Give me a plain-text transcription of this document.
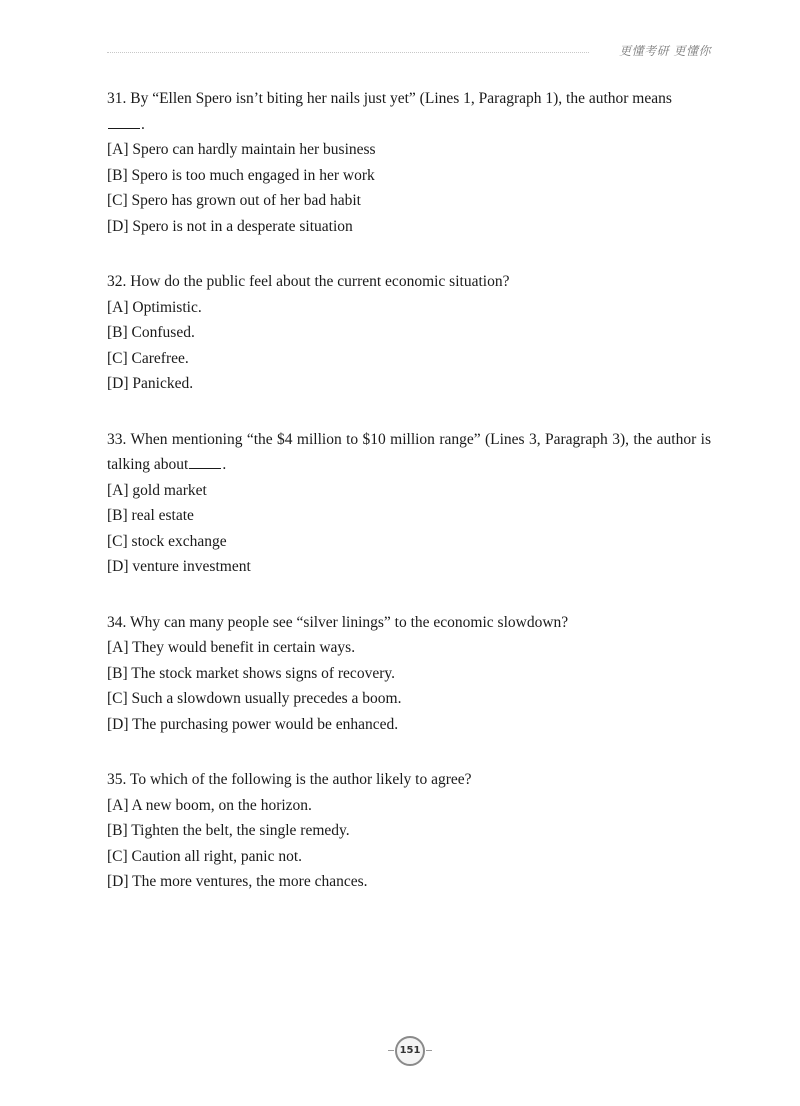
更懂考研 更懂你
31. By “Ellen Spero isn’t biting her nails just yet” (Lines 1, Paragraph 1), the author means
.
[A] Spero can hardly maintain her business
[B] Spero is too much engaged in her work
[C] Spero has grown out of her bad habit
[D] Spero is not in a desperate situation
32. How do the public feel about the current economic situation?
[A] Optimistic.
[B] Confused.
[C] Carefree.
[D] Panicked.
33. When mentioning “the $4 million to $10 million range” (Lines 3, Paragraph 3), the author is talking about .
[A] gold market
[B] real estate
[C] stock exchange
[D] venture investment
34. Why can many people see “silver linings” to the economic slowdown?
[A] They would benefit in certain ways.
[B] The stock market shows signs of recovery.
[C] Such a slowdown usually precedes a boom.
[D] The purchasing power would be enhanced.
35. To which of the following is the author likely to agree?
[A] A new boom, on the horizon.
[B] Tighten the belt, the single remedy.
[C] Caution all right, panic not.
[D] The more ventures, the more chances.
151
